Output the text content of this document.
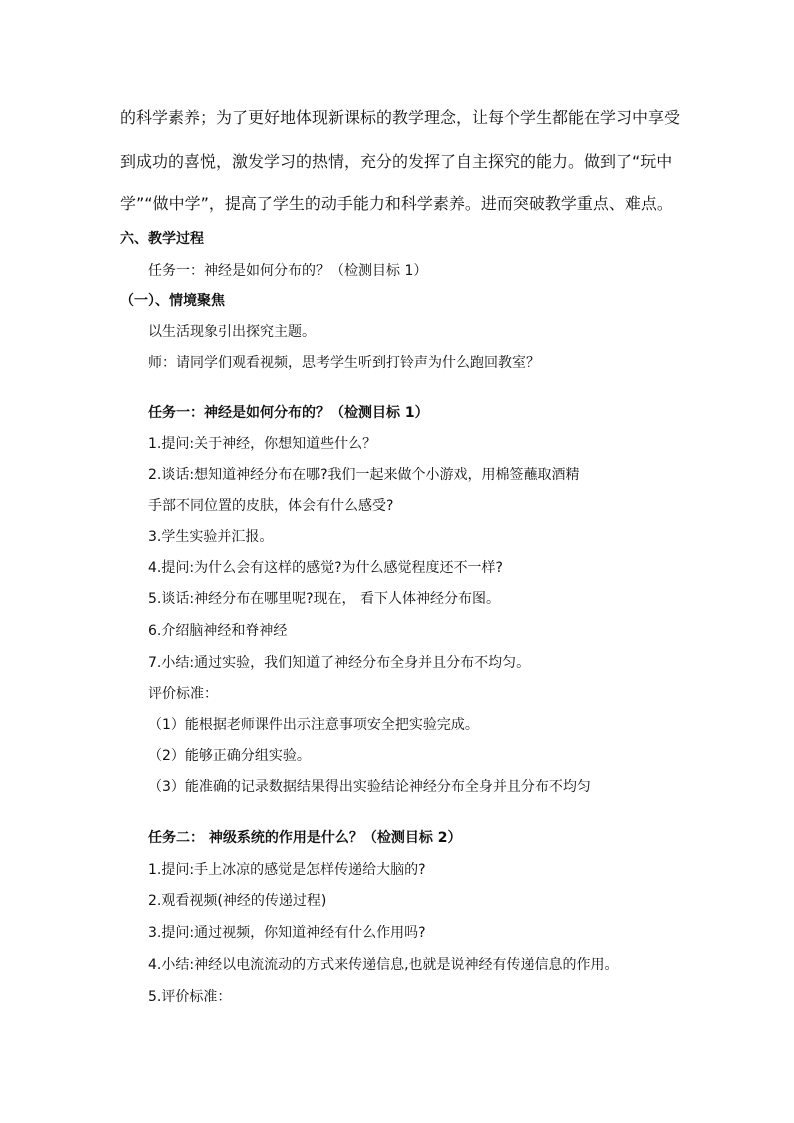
的科学素养；为了更好地体现新课标的教学理念，让每个学生都能在学习中享受
到成功的喜悦，激发学习的热情，充分的发挥了自主探究的能力。做到了“玩中
学”“做中学”，提高了学生的动手能力和科学素养。进而突破教学重点、难点。
六、教学过程
任务一：神经是如何分布的？（检测目标 1）
（一）、情境聚焦
以生活现象引出探究主题。
师：请同学们观看视频，思考学生听到打铃声为什么跑回教室？
任务一：神经是如何分布的？（检测目标 1）
1.提问:关于神经，你想知道些什么？
2.谈话:想知道神经分布在哪?我们一起来做个小游戏，用棉签蘸取酒精
手部不同位置的皮肤，体会有什么感受?
3.学生实验并汇报。
4.提问:为什么会有这样的感觉?为什么感觉程度还不一样?
5.谈话:神经分布在哪里呢?现在， 看下人体神经分布图。
6.介绍脑神经和脊神经
7.小结:通过实验，我们知道了神经分布全身并且分布不均匀。
评价标准：
（1）能根据老师课件出示注意事项安全把实验完成。
（2）能够正确分组实验。
（3）能准确的记录数据结果得出实验结论神经分布全身并且分布不均匀
任务二： 神级系统的作用是什么？（检测目标 2）
1.提问:手上冰凉的感觉是怎样传递给大脑的?
2.观看视频(神经的传递过程)
3.提问:通过视频，你知道神经有什么作用吗?
4.小结:神经以电流流动的方式来传递信息,也就是说神经有传递信息的作用。
5.评价标准：
